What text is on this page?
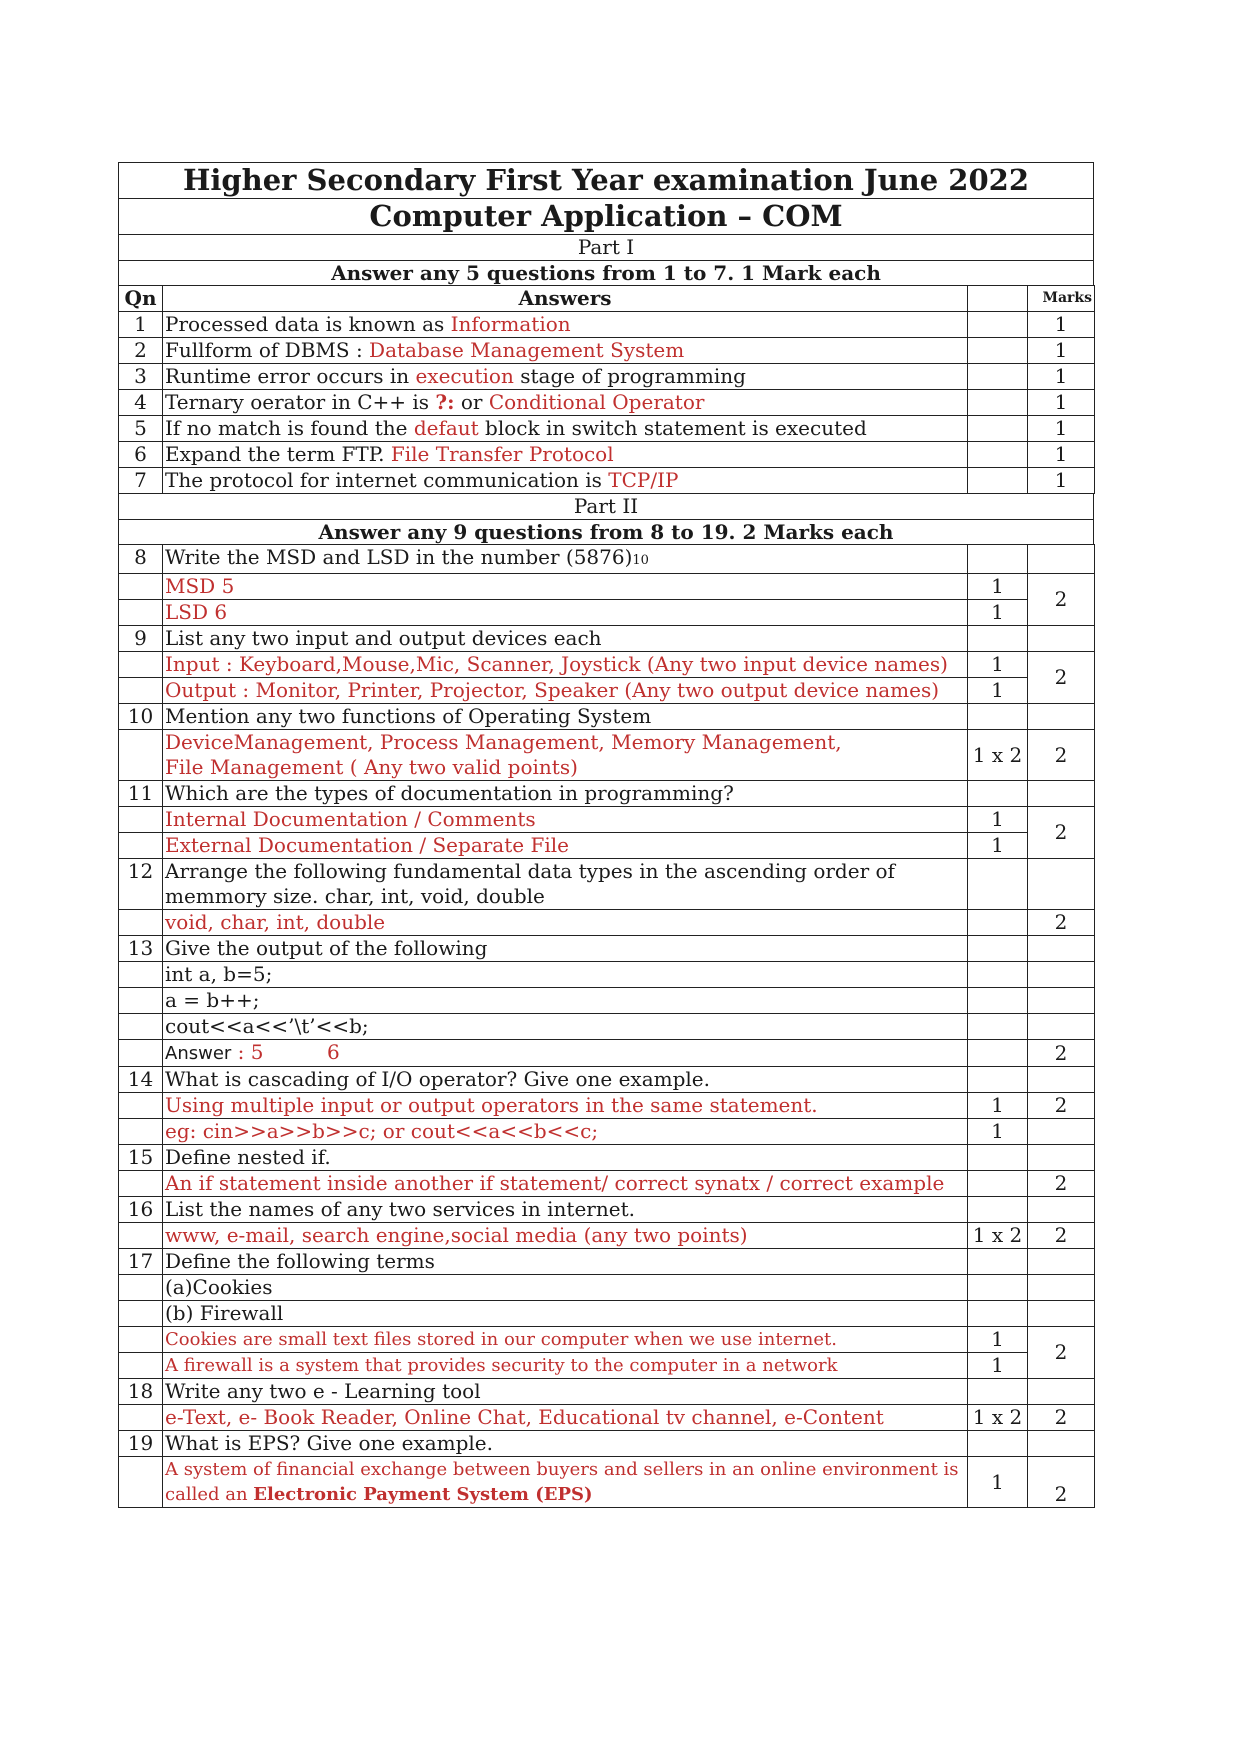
Higher Secondary First Year examination June 2022
Computer Application – COM
Part I
Answer any 5 questions from 1 to 7. 1 Mark each
Qn	Answers		Marks
1	Processed data is known as Information		1
2	Fullform of DBMS : Database Management System		1
3	Runtime error occurs in execution stage of programming		1
4	Ternary oerator in C++ is ?: or Conditional Operator		1
5	If no match is found the defaut block in switch statement is executed		1
6	Expand the term FTP. File Transfer Protocol		1
7	The protocol for internet communication is TCP/IP		1
Part II
Answer any 9 questions from 8 to 19. 2 Marks each
8	Write the MSD and LSD in the number (5876)10		
	MSD 5	1	2
	LSD 6	1	
9	List any two input and output devices each		
	Input : Keyboard,Mouse,Mic, Scanner, Joystick (Any two input device names)	1	2
	Output : Monitor, Printer, Projector, Speaker (Any two output device names)	1	
10	Mention any two functions of Operating System		
	DeviceManagement, Process Management, Memory Management, File Management ( Any two valid points)	1 x 2	2
11	Which are the types of documentation in programming?		
	Internal Documentation / Comments	1	2
	External Documentation / Separate File	1	
12	Arrange the following fundamental data types in the ascending order of memmory size. char, int, void, double		
	void, char, int, double		2
13	Give the output of the following		
	int a, b=5;		
	a = b++;		
	cout<<a<<’\t’<<b;		
	Answer : 5          6		2
14	What is cascading of I/O operator? Give one example.		
	Using multiple input or output operators in the same statement.	1	2
	eg: cin>>a>>b>>c; or cout<<a<<b<<c;	1	
15	Define nested if.		
	An if statement inside another if statement/ correct synatx / correct example		2
16	List the names of any two services in internet.		
	www, e-mail, search engine,social media (any two points)	1 x 2	2
17	Define the following terms		
	(a)Cookies		
	(b) Firewall		
	Cookies are small text files stored in our computer when we use internet.	1	2
	A firewall is a system that provides security to the computer in a network	1	
18	Write any two e - Learning tool		
	e-Text, e- Book Reader, Online Chat, Educational tv channel, e-Content	1 x 2	2
19	What is EPS? Give one example.		
	A system of financial exchange between buyers and sellers in an online environment is called an Electronic Payment System (EPS)	1	2
